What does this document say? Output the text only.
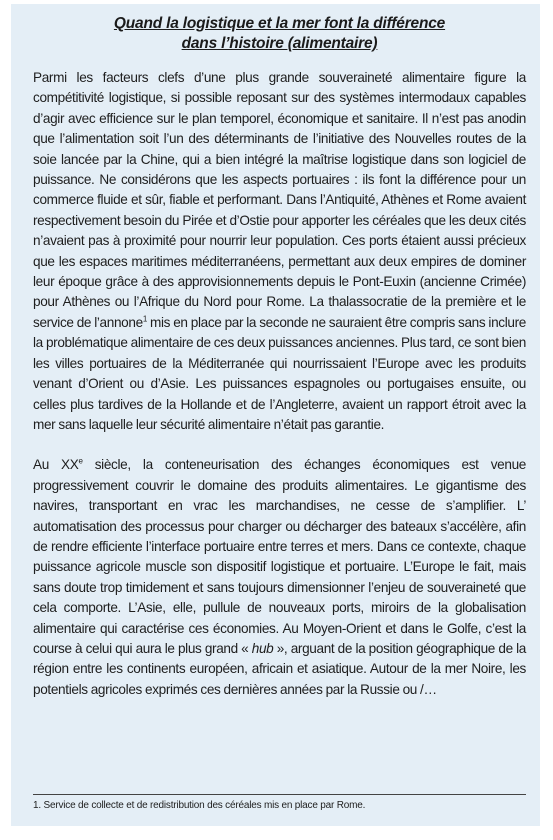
Quand la logistique et la mer font la différence
dans l’histoire (alimentaire)

Parmi les facteurs clefs d’une plus grande souveraineté alimentaire figure la compétitivité logistique, si possible reposant sur des systèmes intermodaux capables d’agir avec efficience sur le plan temporel, économique et sanitaire. Il n’est pas anodin que l’alimentation soit l’un des déterminants de l’initiative des Nouvelles routes de la soie lancée par la Chine, qui a bien intégré la maîtrise logistique dans son logiciel de puissance. Ne considérons que les aspects portuaires : ils font la différence pour un commerce fluide et sûr, fiable et performant. Dans l’Antiquité, Athènes et Rome avaient respectivement besoin du Pirée et d’Ostie pour apporter les céréales que les deux cités n’avaient pas à proximité pour nourrir leur population. Ces ports étaient aussi précieux que les espaces maritimes méditerranéens, permettant aux deux empires de dominer leur époque grâce à des approvisionnements depuis le Pont-Euxin (ancienne Crimée) pour Athènes ou l’Afrique du Nord pour Rome. La thalassocratie de la première et le service de l’annone$^1$ mis en place par la seconde ne sauraient être compris sans inclure la problématique alimentaire de ces deux puissances anciennes. Plus tard, ce sont bien les villes portuaires de la Méditerranée qui nourrissaient l’Europe avec les produits venant d’Orient ou d’Asie. Les puissances espagnoles ou portugaises ensuite, ou celles plus tardives de la Hollande et de l’Angleterre, avaient un rapport étroit avec la mer sans laquelle leur sécurité alimentaire n’était pas garantie.

Au XXe siècle, la conteneurisation des échanges économiques est venue progressivement couvrir le domaine des produits alimentaires. Le gigantisme des navires, transportant en vrac les marchandises, ne cesse de s’amplifier. L’ automatisation des processus pour charger ou décharger des bateaux s’accélère, afin de rendre efficiente l’interface portuaire entre terres et mers. Dans ce contexte, chaque puissance agricole muscle son dispositif logistique et portuaire. L’Europe le fait, mais sans doute trop timidement et sans toujours dimensionner l’enjeu de souveraineté que cela comporte. L’Asie, elle, pullule de nouveaux ports, miroirs de la globalisation alimentaire qui caractérise ces économies. Au Moyen-Orient et dans le Golfe, c’est la course à celui qui aura le plus grand « hub », arguant de la position géographique de la région entre les continents européen, africain et asiatique. Autour de la mer Noire, les potentiels agricoles exprimés ces dernières années par la Russie ou /…

1. Service de collecte et de redistribution des céréales mis en place par Rome.
